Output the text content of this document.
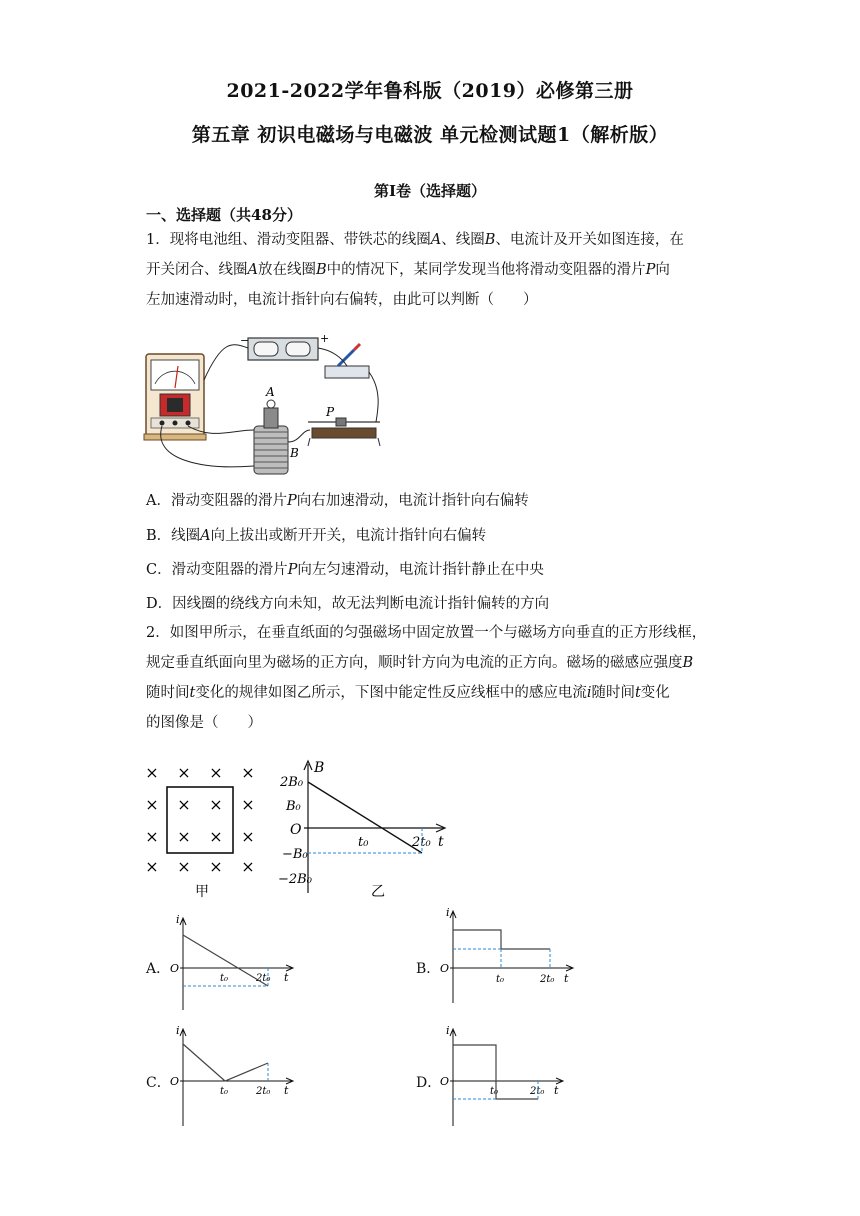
2021-2022学年鲁科版（2019）必修第三册
第五章 初识电磁场与电磁波 单元检测试题1（解析版）
第Ⅰ卷（选择题）
一、选择题（共48分）
1．现将电池组、滑动变阻器、带铁芯的线圈A、线圈B、电流计及开关如图连接，在
开关闭合、线圈A放在线圈B中的情况下，某同学发现当他将滑动变阻器的滑片P向
左加速滑动时，电流计指针向右偏转，由此可以判断（　　）
−	+
A
B
P
A．滑动变阻器的滑片P向右加速滑动，电流计指针向右偏转
B．线圈A向上拔出或断开开关，电流计指针向右偏转
C．滑动变阻器的滑片P向左匀速滑动，电流计指针静止在中央
D．因线圈的绕线方向未知，故无法判断电流计指针偏转的方向
2．如图甲所示，在垂直纸面的匀强磁场中固定放置一个与磁场方向垂直的正方形线框，
规定垂直纸面向里为磁场的正方向，顺时针方向为电流的正方向。磁场的磁感应强度B
随时间t变化的规律如图乙所示，下图中能定性反应线框中的感应电流i随时间t变化
的图像是（　　）
× × × ×
× × × ×
× × × ×
× × × ×
甲
B
t
O
2B₀
B₀
−B₀
−2B₀
t₀	2t₀
乙
A．
i
O
t
t₀	2t₀
B．
i
O
t
t₀	2t₀
C．
i
O
t
t₀	2t₀
D．
i
O
t
t₀	2t₀
